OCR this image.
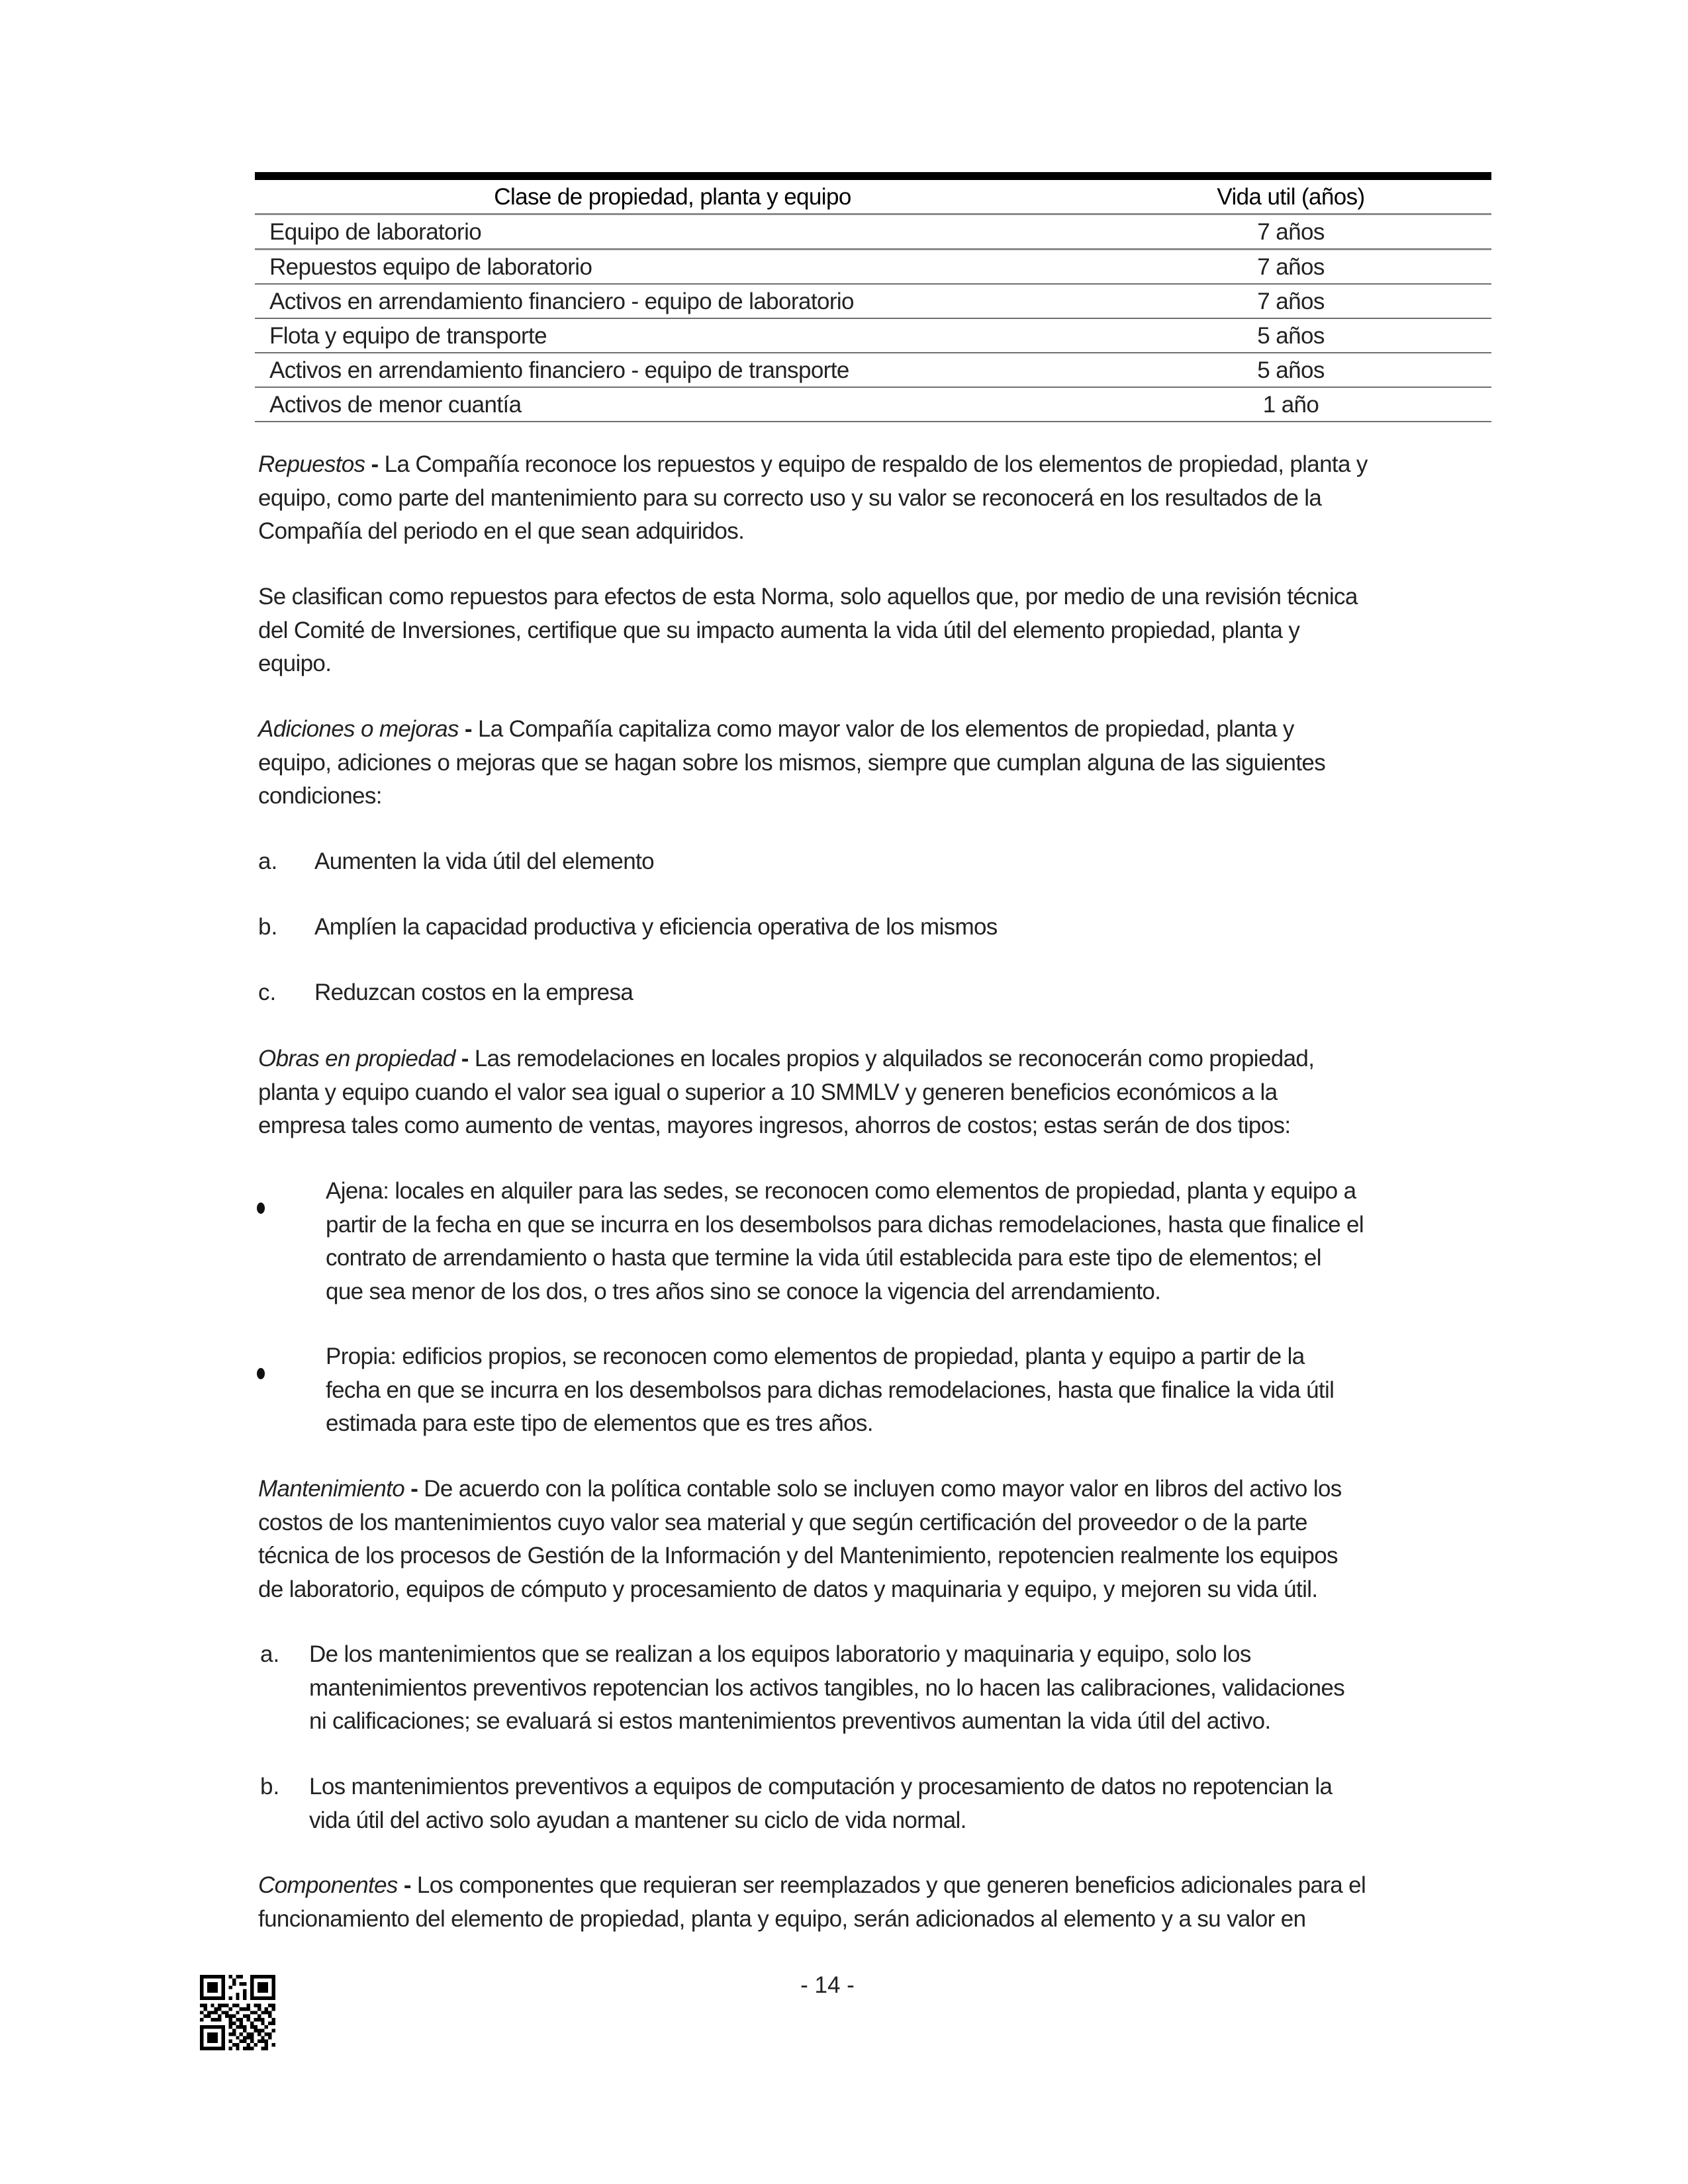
Clase de propiedad, planta y equipo	Vida util (años)
Equipo de laboratorio	7 años
Repuestos equipo de laboratorio	7 años
Activos en arrendamiento financiero - equipo de laboratorio	7 años
Flota y equipo de transporte	5 años
Activos en arrendamiento financiero - equipo de transporte	5 años
Activos de menor cuantía	1 año
Repuestos - La Compañía reconoce los repuestos y equipo de respaldo de los elementos de propiedad, planta y
equipo, como parte del mantenimiento para su correcto uso y su valor se reconocerá en los resultados de la
Compañía del periodo en el que sean adquiridos.
Se clasifican como repuestos para efectos de esta Norma, solo aquellos que, por medio de una revisión técnica
del Comité de Inversiones, certifique que su impacto aumenta la vida útil del elemento propiedad, planta y
equipo.
Adiciones o mejoras - La Compañía capitaliza como mayor valor de los elementos de propiedad, planta y
equipo, adiciones o mejoras que se hagan sobre los mismos, siempre que cumplan alguna de las siguientes
condiciones:
a. Aumenten la vida útil del elemento
b. Amplíen la capacidad productiva y eficiencia operativa de los mismos
c. Reduzcan costos en la empresa
Obras en propiedad - Las remodelaciones en locales propios y alquilados se reconocerán como propiedad,
planta y equipo cuando el valor sea igual o superior a 10 SMMLV y generen beneficios económicos a la
empresa tales como aumento de ventas, mayores ingresos, ahorros de costos; estas serán de dos tipos:
Ajena: locales en alquiler para las sedes, se reconocen como elementos de propiedad, planta y equipo a
partir de la fecha en que se incurra en los desembolsos para dichas remodelaciones, hasta que finalice el
contrato de arrendamiento o hasta que termine la vida útil establecida para este tipo de elementos; el
que sea menor de los dos, o tres años sino se conoce la vigencia del arrendamiento.
Propia: edificios propios, se reconocen como elementos de propiedad, planta y equipo a partir de la
fecha en que se incurra en los desembolsos para dichas remodelaciones, hasta que finalice la vida útil
estimada para este tipo de elementos que es tres años.
Mantenimiento - De acuerdo con la política contable solo se incluyen como mayor valor en libros del activo los
costos de los mantenimientos cuyo valor sea material y que según certificación del proveedor o de la parte
técnica de los procesos de Gestión de la Información y del Mantenimiento, repotencien realmente los equipos
de laboratorio, equipos de cómputo y procesamiento de datos y maquinaria y equipo, y mejoren su vida útil.
a. De los mantenimientos que se realizan a los equipos laboratorio y maquinaria y equipo, solo los
mantenimientos preventivos repotencian los activos tangibles, no lo hacen las calibraciones, validaciones
ni calificaciones; se evaluará si estos mantenimientos preventivos aumentan la vida útil del activo.
b. Los mantenimientos preventivos a equipos de computación y procesamiento de datos no repotencian la
vida útil del activo solo ayudan a mantener su ciclo de vida normal.
Componentes - Los componentes que requieran ser reemplazados y que generen beneficios adicionales para el
funcionamiento del elemento de propiedad, planta y equipo, serán adicionados al elemento y a su valor en
- 14 -
